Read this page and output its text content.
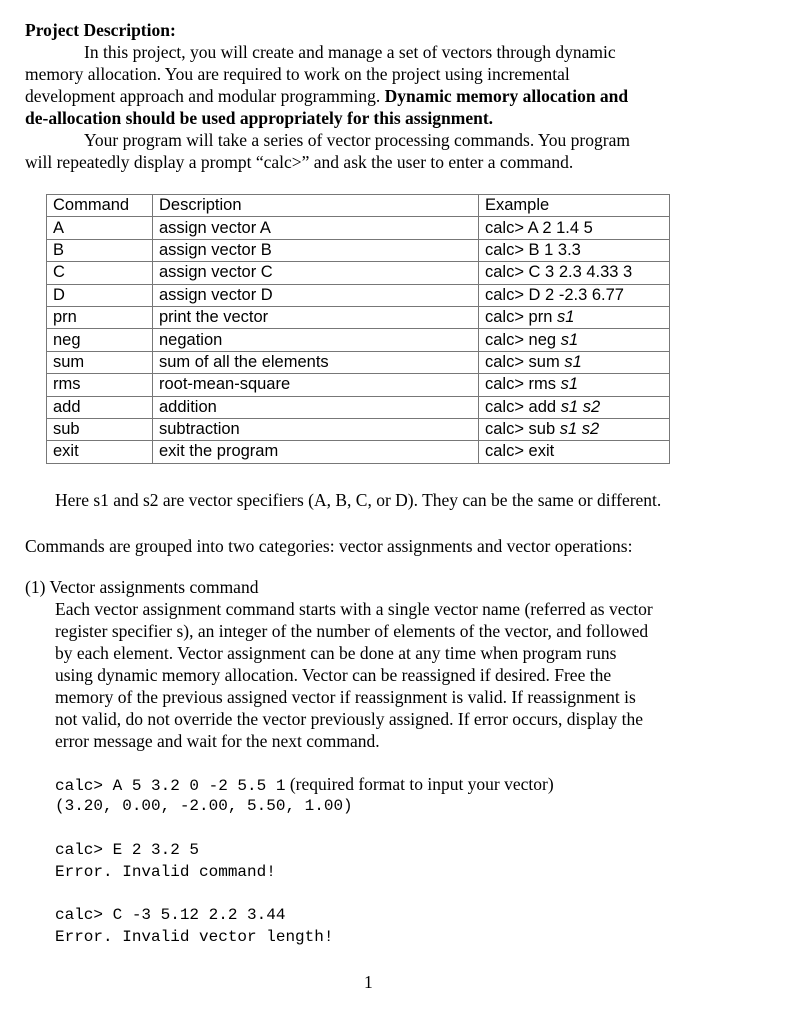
Project Description:
In this project, you will create and manage a set of vectors through dynamic
memory allocation. You are required to work on the project using incremental
development approach and modular programming. Dynamic memory allocation and
de-allocation should be used appropriately for this assignment.
Your program will take a series of vector processing commands. You program
will repeatedly display a prompt “calc>” and ask the user to enter a command.
Command	Description	Example
A	assign vector A	calc> A 2 1.4 5
B	assign vector B	calc> B 1 3.3
C	assign vector C	calc> C 3 2.3 4.33 3
D	assign vector D	calc> D 2 -2.3 6.77
prn	print the vector	calc> prn s1
neg	negation	calc> neg s1
sum	sum of all the elements	calc> sum s1
rms	root-mean-square	calc> rms s1
add	addition	calc> add s1 s2
sub	subtraction	calc> sub s1 s2
exit	exit the program	calc> exit
Here s1 and s2 are vector specifiers (A, B, C, or D). They can be the same or different.
Commands are grouped into two categories: vector assignments and vector operations:
(1) Vector assignments command
Each vector assignment command starts with a single vector name (referred as vector
register specifier s), an integer of the number of elements of the vector, and followed
by each element. Vector assignment can be done at any time when program runs
using dynamic memory allocation. Vector can be reassigned if desired. Free the
memory of the previous assigned vector if reassignment is valid. If reassignment is
not valid, do not override the vector previously assigned. If error occurs, display the
error message and wait for the next command.
calc> A 5 3.2 0 -2 5.5 1 (required format to input your vector)
(3.20, 0.00, -2.00, 5.50, 1.00)
calc> E 2 3.2 5
Error. Invalid command!
calc> C -3 5.12 2.2 3.44
Error. Invalid vector length!
1
